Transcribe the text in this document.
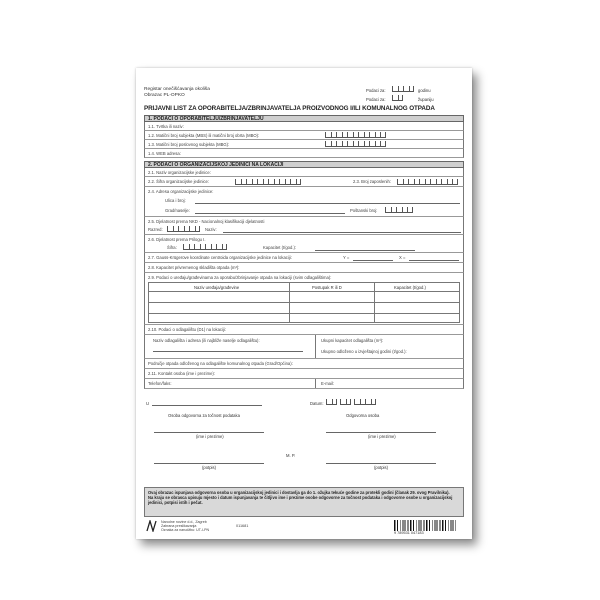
Registar onečišćavanja okoliša
Obrazac PL-OPKO
Podaci za:	godinu
Podaci za:	županiju
PRIJAVNI LIST ZA OPORABITELJA/ZBRINJAVATELJA PROIZVODNOG I/ILI KOMUNALNOG OTPADA
1. PODACI O OPORABITELJU/ZBRINJAVATELJU
1.1. Tvrtka ili naziv:
1.2. Matični broj subjekta (MBS) ili matični broj obrta (MBO):
1.3. Matični broj poslovnog subjekta (MBG):
1.4. WEB adresa:
2. PODACI O ORGANIZACIJSKOJ JEDINICI NA LOKACIJI
2.1. Naziv organizacijske jedinice:
2.2. Šifra organizacijske jedinice:	2.3. Broj zaposlenih:
2.4. Adresa organizacijske jedinice:
Ulica i broj:
Grad/naselje:	Poštanski broj:
2.5. Djelatnost prema NKD - Nacionalnoj klasifikaciji djelatnosti
Razred:	Naziv:
2.6. Djelatnost prema Prilogu I.
Šifra:	Kapacitet (t/god.):
2.7. Gauss-Krügerove koordinate centroida organizacijske jedinice na lokaciji:	Y =	X =
2.8. Kapacitet privremenog skladišta otpada (m³):
2.9. Podaci o uređaju/građevinama za oporabu/zbrinjavanje otpada na lokaciji (svim odlagalištima):
Naziv uređaja/građevine	Postupak R ili D	Kapacitet (t/god.)
2.10. Podaci o odlagalištu (D1) na lokaciji:
Naziv odlagališta i adresa (ili najbliže naselje odlagalištu):	Ukupni kapacitet odlagališta (m³):
Ukupno odloženo u izvještajnoj godini (t/god.):
Područje otpada odloženog na odlagalište komunalnog otpada (Grad/Općina):
2.11. Kontakt osoba (ime i prezime):
Telefon/faks:	E-mail:
U	Datum:
Osoba odgovorna za točnost podataka	Odgovorna osoba
(ime i prezime)	(ime i prezime)
M. P.
(potpis)	(potpis)

Ovaj obrazac ispunjava odgovorna osoba u organizacijskoj jedinici i dostavlja ga do 1. ožujka tekuće godine za protekli godini (članak 29. ovog Pravilnika).

Na kraju se obrasca upisuju mjesto i datum ispunjavanja te čitljivo ime i prezime osobe odgovorne za točnost podataka i odgovorne osobe u organizacijskoj jedinici, potpisi istih i pečat.

Narodne novine d.d., Zagreb
Zabrana preslikavanja
Oznaka za narudžbu: UT-I-PN
011681
9 789531 047183
